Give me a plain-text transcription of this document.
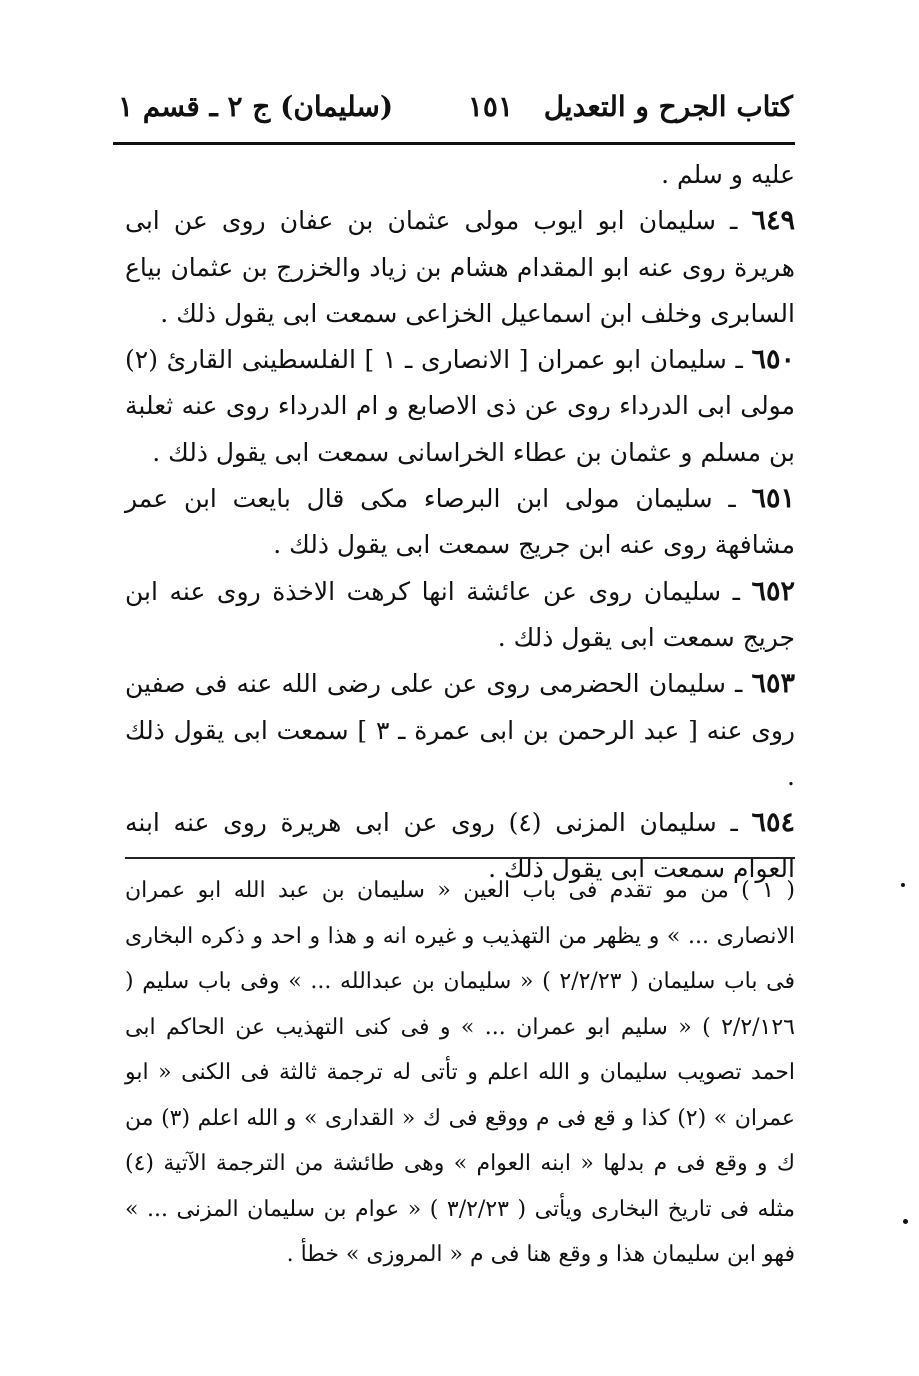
كتاب الجرح و التعديل
١٥١
(سليمان) ج ٢ ـ قسم ١

عليه و سلم .

٦٤٩ ـ سليمان ابو ايوب مولى عثمان بن عفان روى عن ابى هريرة روى عنه ابو المقدام هشام بن زياد والخزرج بن عثمان بياع السابرى وخلف ابن اسماعيل الخزاعى سمعت ابى يقول ذلك .

٦٥٠ ـ سليمان ابو عمران [ الانصارى ـ ١ ] الفلسطينى القارئ (٢) مولى ابى الدرداء روى عن ذى الاصابع و ام الدرداء روى عنه ثعلبة بن مسلم و عثمان بن عطاء الخراسانى سمعت ابى يقول ذلك .

٦٥١ ـ سليمان مولى ابن البرصاء مكى قال بايعت ابن عمر مشافهة روى عنه ابن جريج سمعت ابى يقول ذلك .

٦٥٢ ـ سليمان روى عن عائشة انها كرهت الاخذة روى عنه ابن جريج سمعت ابى يقول ذلك .

٦٥٣ ـ سليمان الحضرمى روى عن على رضى الله عنه فى صفين روى عنه [ عبد الرحمن بن ابى عمرة ـ ٣ ] سمعت ابى يقول ذلك .

٦٥٤ ـ سليمان المزنى (٤) روى عن ابى هريرة روى عنه ابنه العوام سمعت ابى يقول ذلك .

( ١ ) من مو تقدم فى باب العين « سليمان بن عبد الله ابو عمران الانصارى ... » و يظهر من التهذيب و غيره انه و هذا و احد و ذكره البخارى فى باب سليمان ( ٢/٢/٢٣ ) « سليمان بن عبدالله ... » وفى باب سليم ( ٢/٢/١٢٦ ) « سليم ابو عمران ... » و فى كنى التهذيب عن الحاكم ابى احمد تصويب سليمان و الله اعلم و تأتى له ترجمة ثالثة فى الكنى « ابو عمران » (٢) كذا و قع فى م ووقع فى ك « القدارى » و الله اعلم (٣) من ك و وقع فى م بدلها « ابنه العوام » وهى طائشة من الترجمة الآتية (٤) مثله فى تاريخ البخارى ويأتى ( ٣/٢/٢٣ ) « عوام بن سليمان المزنى ... » فهو ابن سليمان هذا و وقع هنا فى م « المروزى » خطأ .
